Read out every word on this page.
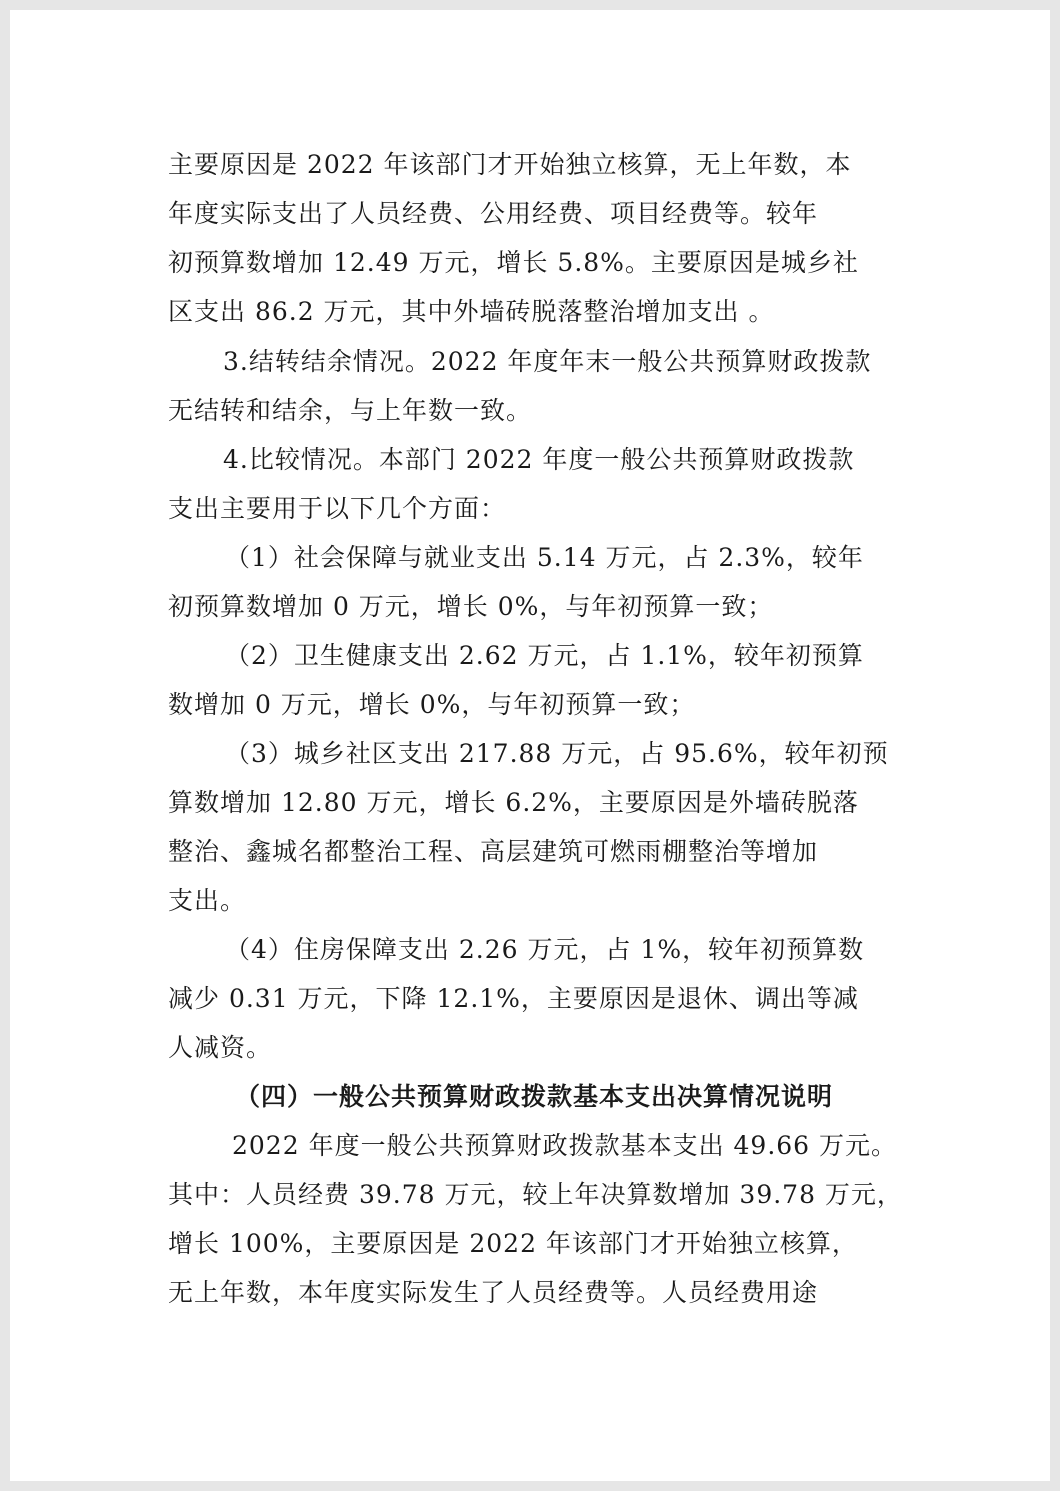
主要原因是 2022 年该部门才开始独立核算，无上年数，本
年度实际支出了人员经费、公用经费、项目经费等。较年
初预算数增加 12.49 万元，增长 5.8%。主要原因是城乡社
区支出 86.2 万元，其中外墙砖脱落整治增加支出 。
3.结转结余情况。2022 年度年末一般公共预算财政拨款
无结转和结余，与上年数一致。
4.比较情况。本部门 2022 年度一般公共预算财政拨款
支出主要用于以下几个方面：
（1）社会保障与就业支出 5.14 万元，占 2.3%，较年
初预算数增加 0 万元，增长 0%，与年初预算一致；
（2）卫生健康支出 2.62 万元，占 1.1%，较年初预算
数增加 0 万元，增长 0%，与年初预算一致；
（3）城乡社区支出 217.88 万元，占 95.6%，较年初预
算数增加 12.80 万元，增长 6.2%，主要原因是外墙砖脱落
整治、鑫城名都整治工程、高层建筑可燃雨棚整治等增加
支出。
（4）住房保障支出 2.26 万元，占 1%，较年初预算数
减少 0.31 万元，下降 12.1%，主要原因是退休、调出等减
人减资。
（四）一般公共预算财政拨款基本支出决算情况说明
2022 年度一般公共预算财政拨款基本支出 49.66 万元。
其中：人员经费 39.78 万元，较上年决算数增加 39.78 万元，
增长 100%，主要原因是 2022 年该部门才开始独立核算，
无上年数，本年度实际发生了人员经费等。人员经费用途
